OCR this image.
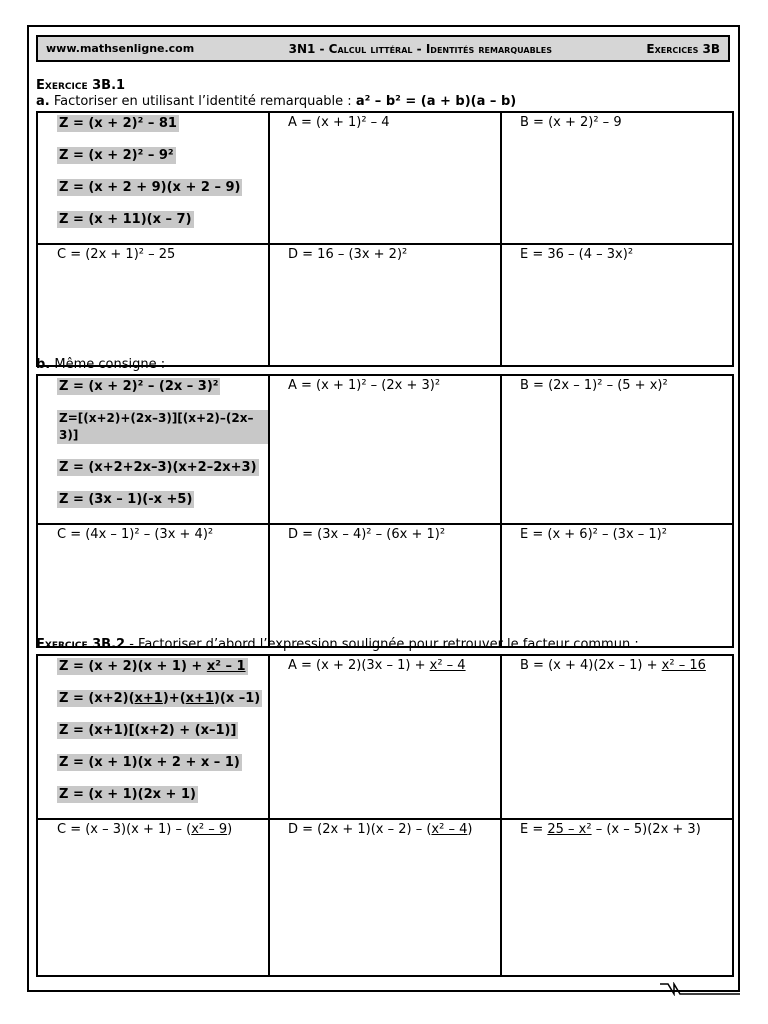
www.mathsenligne.com	3N1 - Calcul littéral - Identités remarquables	Exercices 3B
Exercice 3B.1
a. Factoriser en utilisant l’identité remarquable : a² – b² = (a + b)(a – b)
Z = (x + 2)² – 81
Z = (x + 2)² – 9²
Z = (x + 2 + 9)(x + 2 – 9)
Z = (x + 11)(x – 7)	A = (x + 1)² – 4	B = (x + 2)² – 9
C = (2x + 1)² – 25	D = 16 – (3x + 2)²	E = 36 – (4 – 3x)²
b. Même consigne :
Z = (x + 2)² – (2x – 3)²
Z=[(x+2)+(2x–3)][(x+2)–(2x–3)]
Z = (x+2+2x–3)(x+2–2x+3)
Z = (3x – 1)(-x +5)	A = (x + 1)² – (2x + 3)²	B = (2x – 1)² – (5 + x)²
C = (4x – 1)² – (3x + 4)²	D = (3x – 4)² – (6x + 1)²	E = (x + 6)² – (3x – 1)²
Exercice 3B.2 - Factoriser d’abord l’expression soulignée pour retrouver le facteur commun :
Z = (x + 2)(x + 1) + x² – 1
Z = (x+2)(x+1)+(x+1)(x –1)
Z = (x+1)[(x+2) + (x–1)]
Z = (x + 1)(x + 2 + x – 1)
Z = (x + 1)(2x + 1)	A = (x + 2)(3x – 1) + x² – 4	B = (x + 4)(2x – 1) + x² – 16
C = (x – 3)(x + 1) – (x² – 9)	D = (2x + 1)(x – 2) – (x² – 4)	E = 25 – x² – (x – 5)(2x + 3)
